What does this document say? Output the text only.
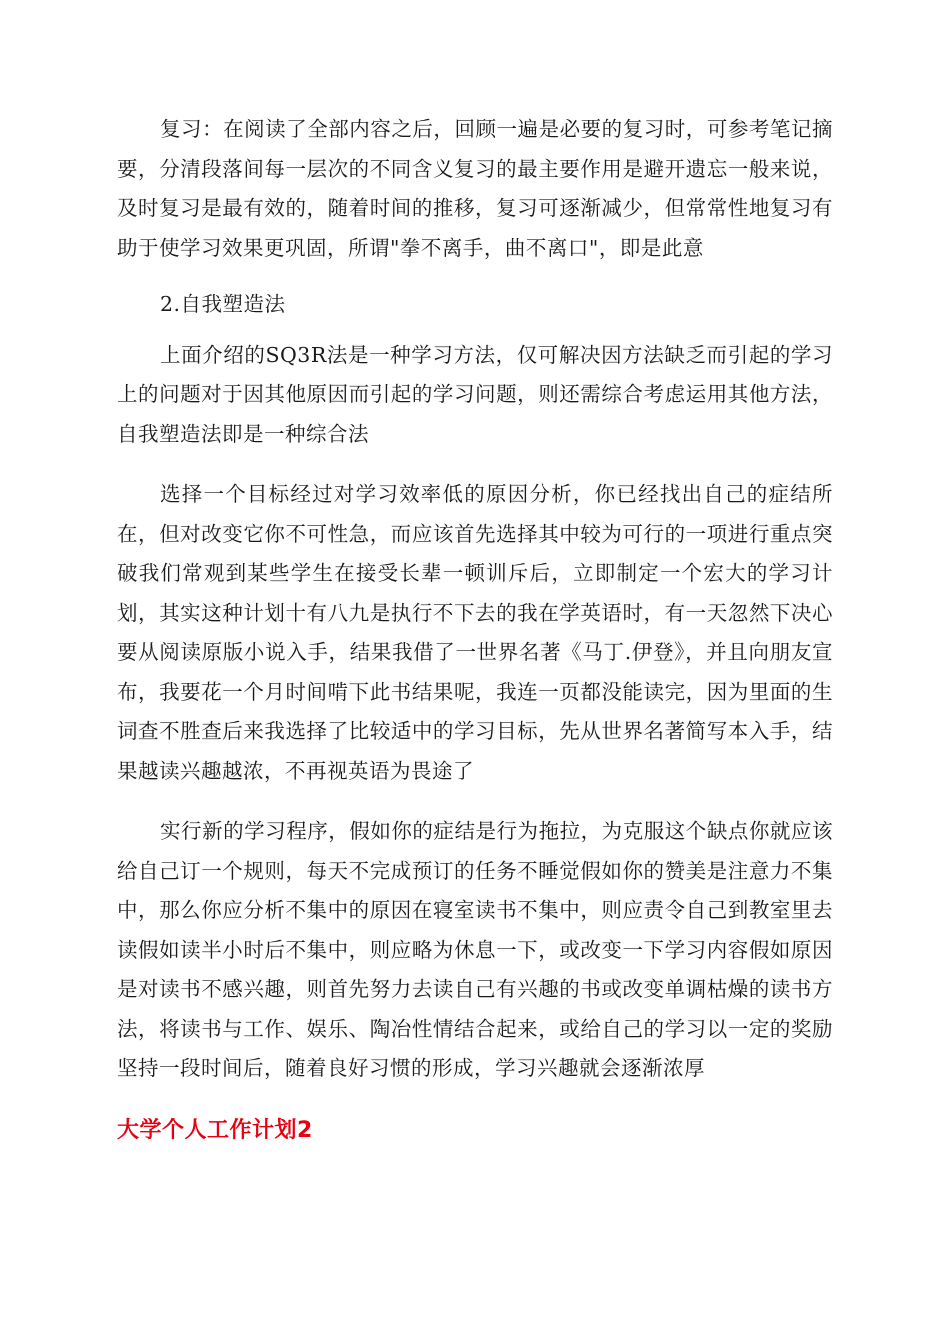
复习：在阅读了全部内容之后，回顾一遍是必要的复习时，可参考笔记摘要，分清段落间每一层次的不同含义复习的最主要作用是避开遗忘一般来说，及时复习是最有效的，随着时间的推移，复习可逐渐减少，但常常性地复习有助于使学习效果更巩固，所谓"拳不离手，曲不离口"，即是此意

2.自我塑造法

上面介绍的SQ3R法是一种学习方法，仅可解决因方法缺乏而引起的学习上的问题对于因其他原因而引起的学习问题，则还需综合考虑运用其他方法，自我塑造法即是一种综合法

选择一个目标经过对学习效率低的原因分析，你已经找出自己的症结所在，但对改变它你不可性急，而应该首先选择其中较为可行的一项进行重点突破我们常观到某些学生在接受长辈一顿训斥后，立即制定一个宏大的学习计划，其实这种计划十有八九是执行不下去的我在学英语时，有一天忽然下决心要从阅读原版小说入手，结果我借了一世界名著《马丁.伊登》，并且向朋友宣布，我要花一个月时间啃下此书结果呢，我连一页都没能读完，因为里面的生词查不胜查后来我选择了比较适中的学习目标，先从世界名著简写本入手，结果越读兴趣越浓，不再视英语为畏途了

实行新的学习程序，假如你的症结是行为拖拉，为克服这个缺点你就应该给自己订一个规则，每天不完成预订的任务不睡觉假如你的赞美是注意力不集中，那么你应分析不集中的原因在寝室读书不集中，则应责令自己到教室里去读假如读半小时后不集中，则应略为休息一下，或改变一下学习内容假如原因是对读书不感兴趣，则首先努力去读自己有兴趣的书或改变单调枯燥的读书方法，将读书与工作、娱乐、陶冶性情结合起来，或给自己的学习以一定的奖励坚持一段时间后，随着良好习惯的形成，学习兴趣就会逐渐浓厚

大学个人工作计划2
